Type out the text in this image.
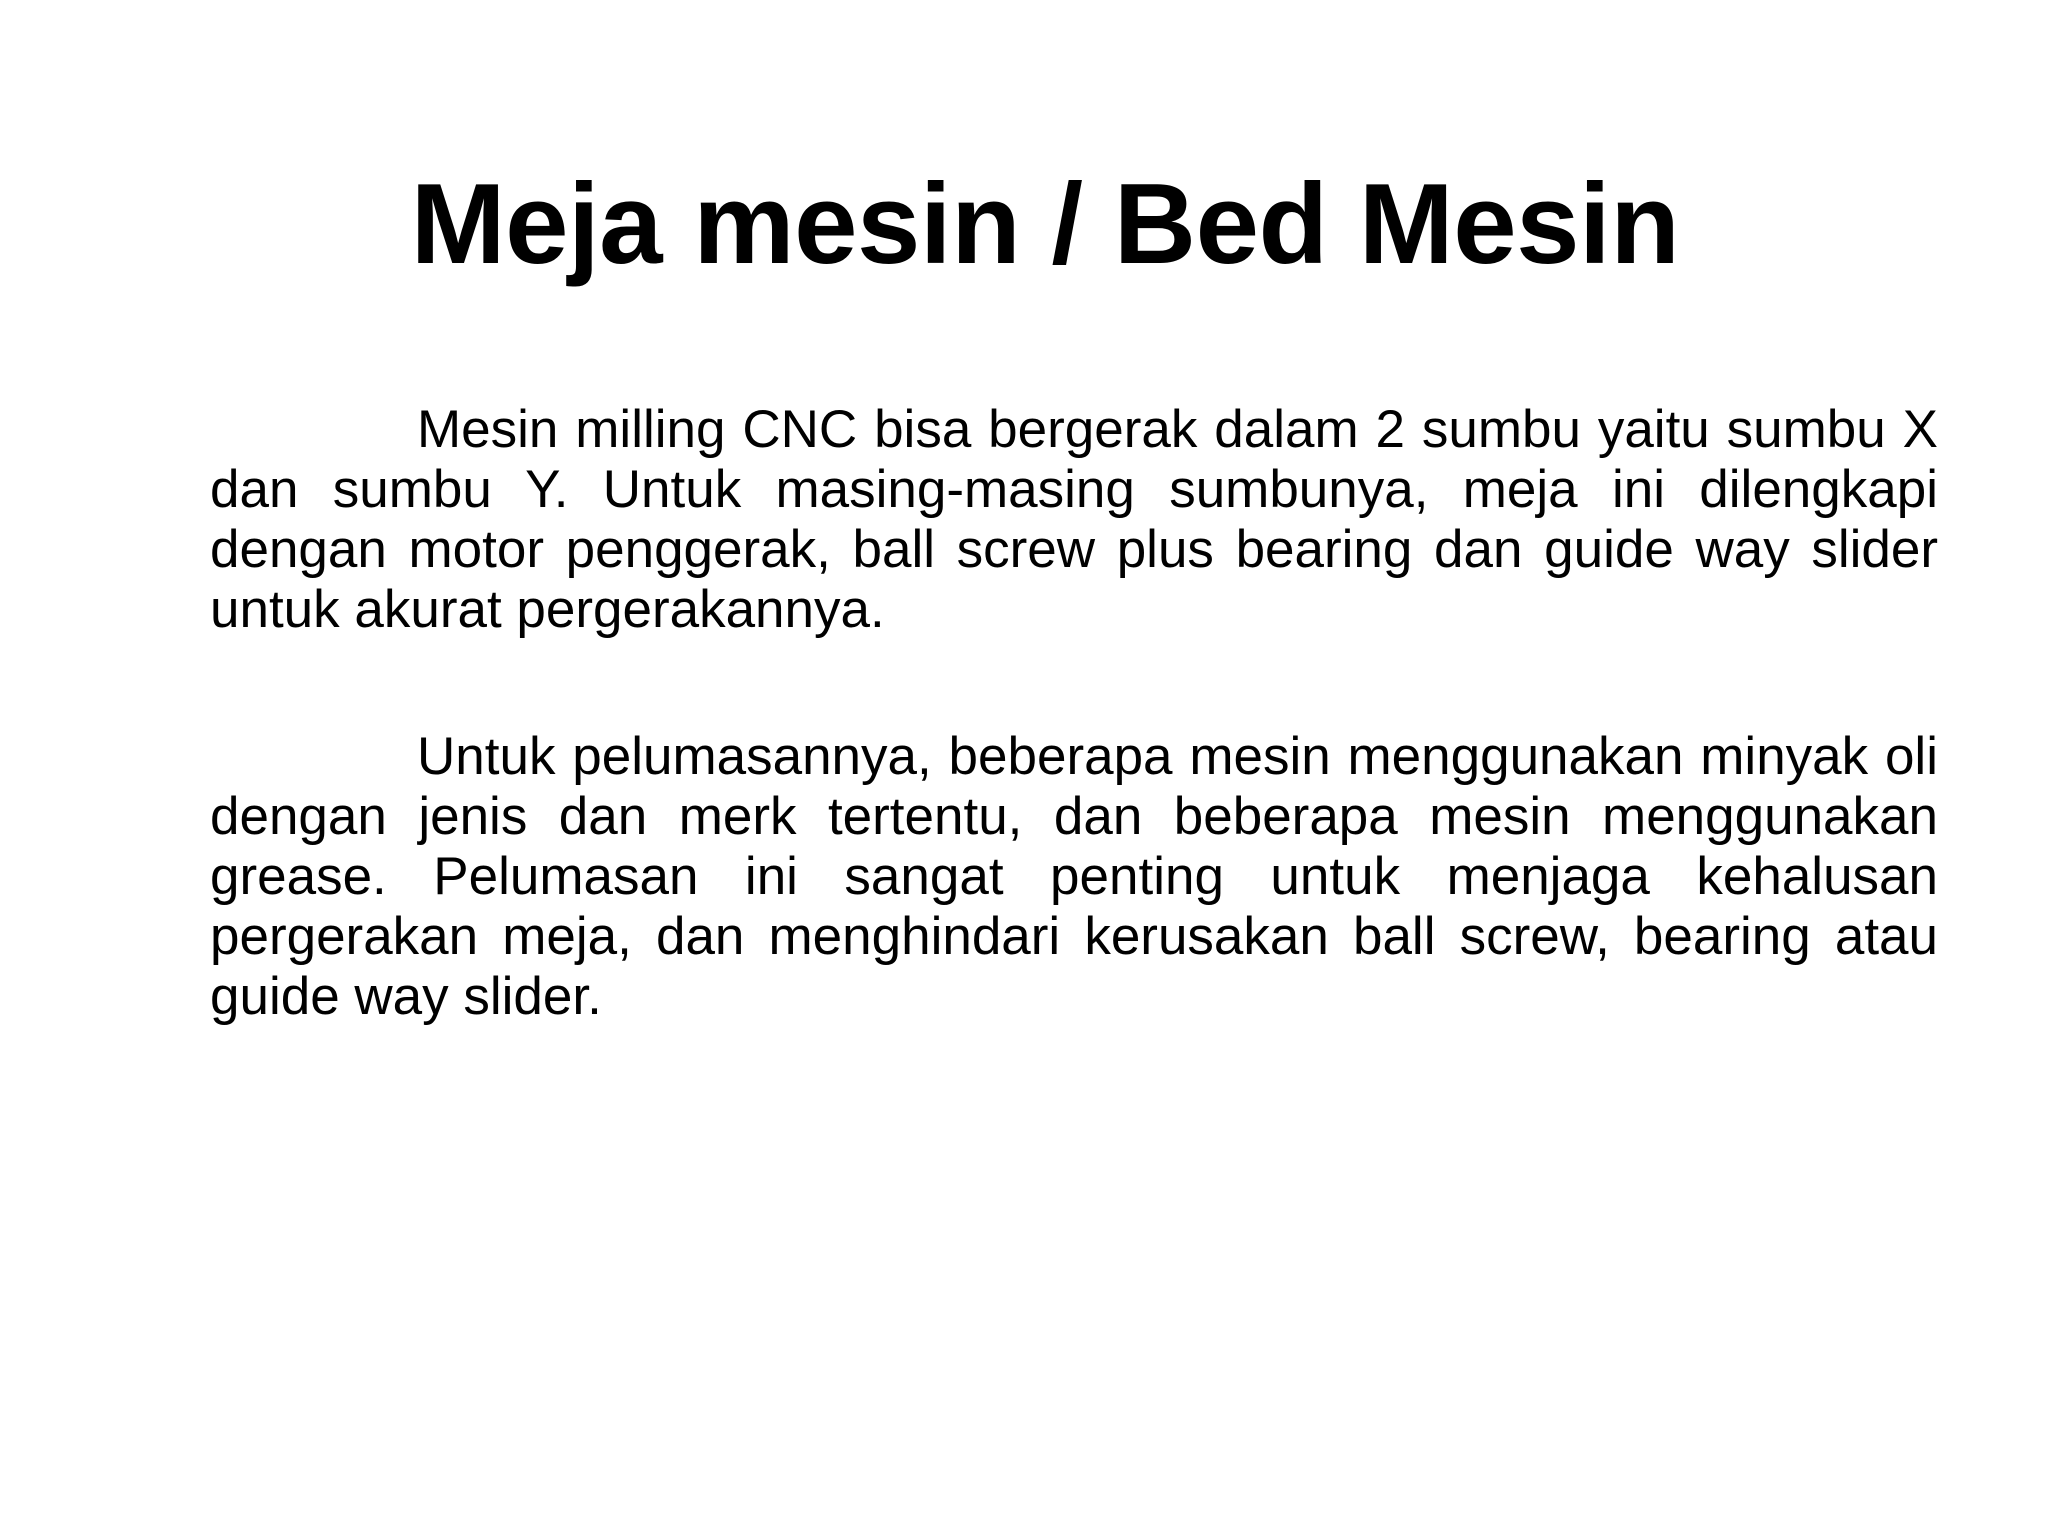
Meja mesin / Bed Mesin

Mesin milling CNC bisa bergerak dalam 2 sumbu yaitu sumbu X dan sumbu Y. Untuk masing-masing sumbunya, meja ini dilengkapi dengan motor penggerak, ball screw plus bearing dan guide way slider untuk akurat pergerakannya.

Untuk pelumasannya, beberapa mesin menggunakan minyak oli dengan jenis dan merk tertentu, dan beberapa mesin menggunakan grease. Pelumasan ini sangat penting untuk menjaga kehalusan pergerakan meja, dan menghindari kerusakan ball screw, bearing atau guide way slider.
